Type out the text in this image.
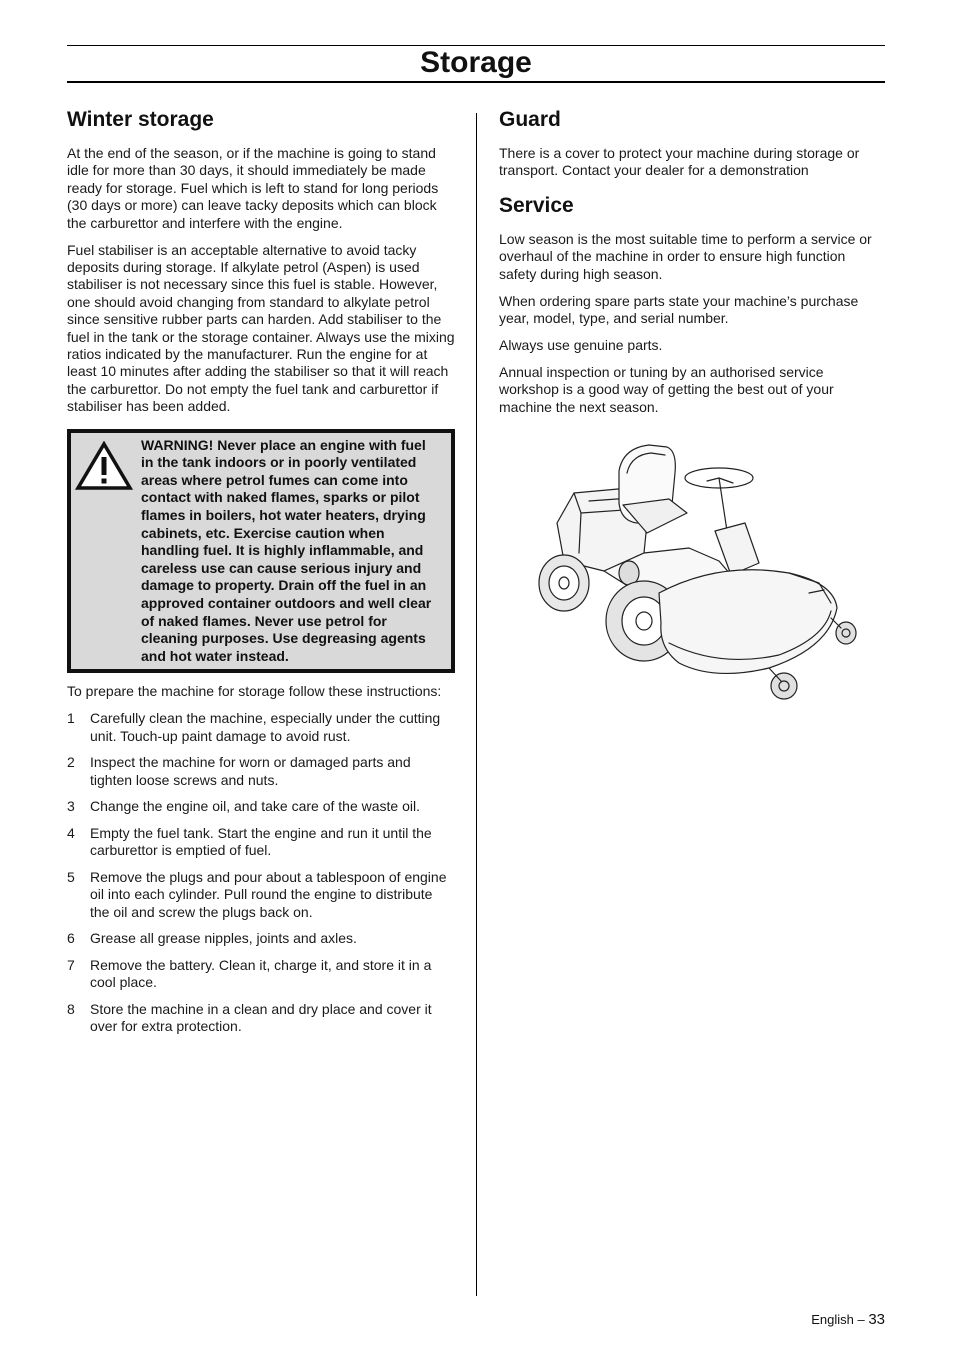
Storage
Winter storage

At the end of the season, or if the machine is going to stand idle for more than 30 days, it should immediately be made ready for storage. Fuel which is left to stand for long periods (30 days or more) can leave tacky deposits which can block the carburettor and interfere with the engine.

Fuel stabiliser is an acceptable alternative to avoid tacky deposits during storage. If alkylate petrol (Aspen) is used stabiliser is not necessary since this fuel is stable. However, one should avoid changing from standard to alkylate petrol since sensitive rubber parts can harden. Add stabiliser to the fuel in the tank or the storage container. Always use the mixing ratios indicated by the manufacturer. Run the engine for at least 10 minutes after adding the stabiliser so that it will reach the carburettor. Do not empty the fuel tank and carburettor if stabiliser has been added.

WARNING! Never place an engine with fuel in the tank indoors or in poorly ventilated areas where petrol fumes can come into contact with naked flames, sparks or pilot flames in boilers, hot water heaters, drying cabinets, etc. Exercise caution when handling fuel. It is highly inflammable, and careless use can cause serious injury and damage to property. Drain off the fuel in an approved container outdoors and well clear of naked flames. Never use petrol for cleaning purposes. Use degreasing agents and hot water instead.

To prepare the machine for storage follow these instructions:

1 Carefully clean the machine, especially under the cutting unit. Touch-up paint damage to avoid rust.
2 Inspect the machine for worn or damaged parts and tighten loose screws and nuts.
3 Change the engine oil, and take care of the waste oil.
4 Empty the fuel tank. Start the engine and run it until the carburettor is emptied of fuel.
5 Remove the plugs and pour about a tablespoon of engine oil into each cylinder. Pull round the engine to distribute the oil and screw the plugs back on.
6 Grease all grease nipples, joints and axles.
7 Remove the battery. Clean it, charge it, and store it in a cool place.
8 Store the machine in a clean and dry place and cover it over for extra protection.
Guard

There is a cover to protect your machine during storage or transport. Contact your dealer for a demonstration

Service

Low season is the most suitable time to perform a service or overhaul of the machine in order to ensure high function safety during high season.

When ordering spare parts state your machine’s purchase year, model, type, and serial number.

Always use genuine parts.

Annual inspection or tuning by an authorised service workshop is a good way of getting the best out of your machine the next season.

English – 33
